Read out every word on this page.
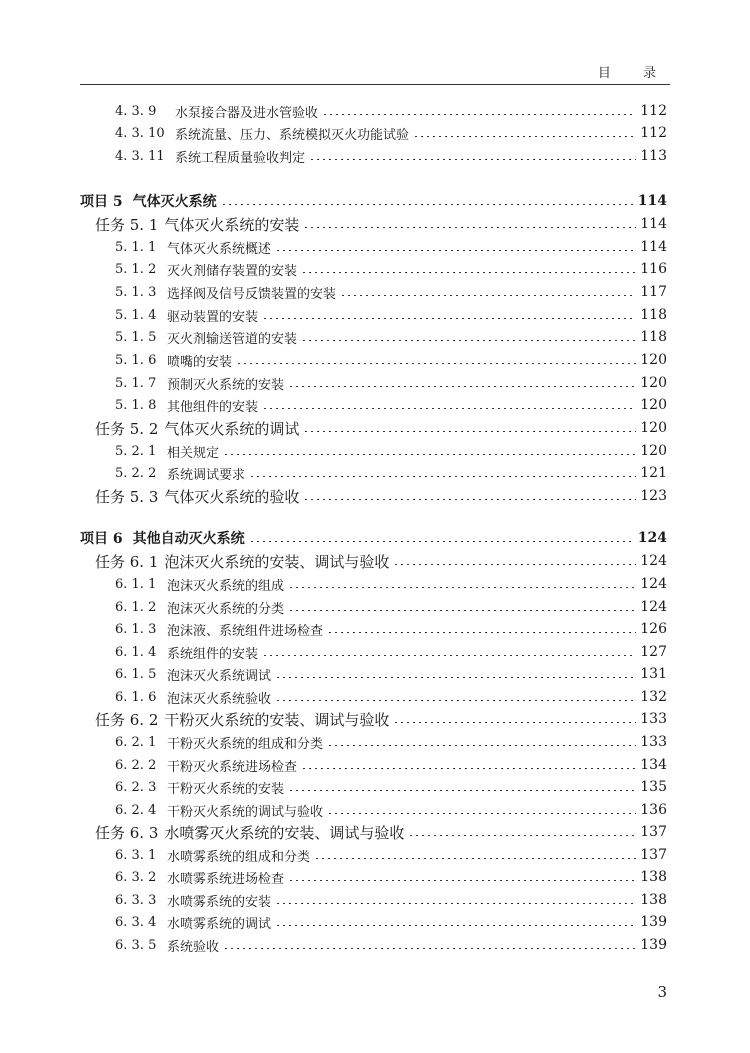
目 录
4. 3. 9	水泵接合器及进水管验收	112
4. 3. 10 系统流量、压力、系统模拟灭火功能试验	112
4. 3. 11 系统工程质量验收判定	113
项目 5 气体灭火系统	114
任务 5. 1 气体灭火系统的安装	114
5. 1. 1 气体灭火系统概述	114
5. 1. 2 灭火剂储存装置的安装	116
5. 1. 3 选择阀及信号反馈装置的安装	117
5. 1. 4 驱动装置的安装	118
5. 1. 5 灭火剂输送管道的安装	118
5. 1. 6 喷嘴的安装	120
5. 1. 7 预制灭火系统的安装	120
5. 1. 8 其他组件的安装	120
任务 5. 2 气体灭火系统的调试	120
5. 2. 1 相关规定	120
5. 2. 2 系统调试要求	121
任务 5. 3 气体灭火系统的验收	123
项目 6 其他自动灭火系统	124
任务 6. 1 泡沫灭火系统的安装、调试与验收	124
6. 1. 1 泡沫灭火系统的组成	124
6. 1. 2 泡沫灭火系统的分类	124
6. 1. 3 泡沫液、系统组件进场检查	126
6. 1. 4 系统组件的安装	127
6. 1. 5 泡沫灭火系统调试	131
6. 1. 6 泡沫灭火系统验收	132
任务 6. 2 干粉灭火系统的安装、调试与验收	133
6. 2. 1 干粉灭火系统的组成和分类	133
6. 2. 2 干粉灭火系统进场检查	134
6. 2. 3 干粉灭火系统的安装	135
6. 2. 4 干粉灭火系统的调试与验收	136
任务 6. 3 水喷雾灭火系统的安装、调试与验收	137
6. 3. 1 水喷雾系统的组成和分类	137
6. 3. 2 水喷雾系统进场检查	138
6. 3. 3 水喷雾系统的安装	138
6. 3. 4 水喷雾系统的调试	139
6. 3. 5 系统验收	139
3
